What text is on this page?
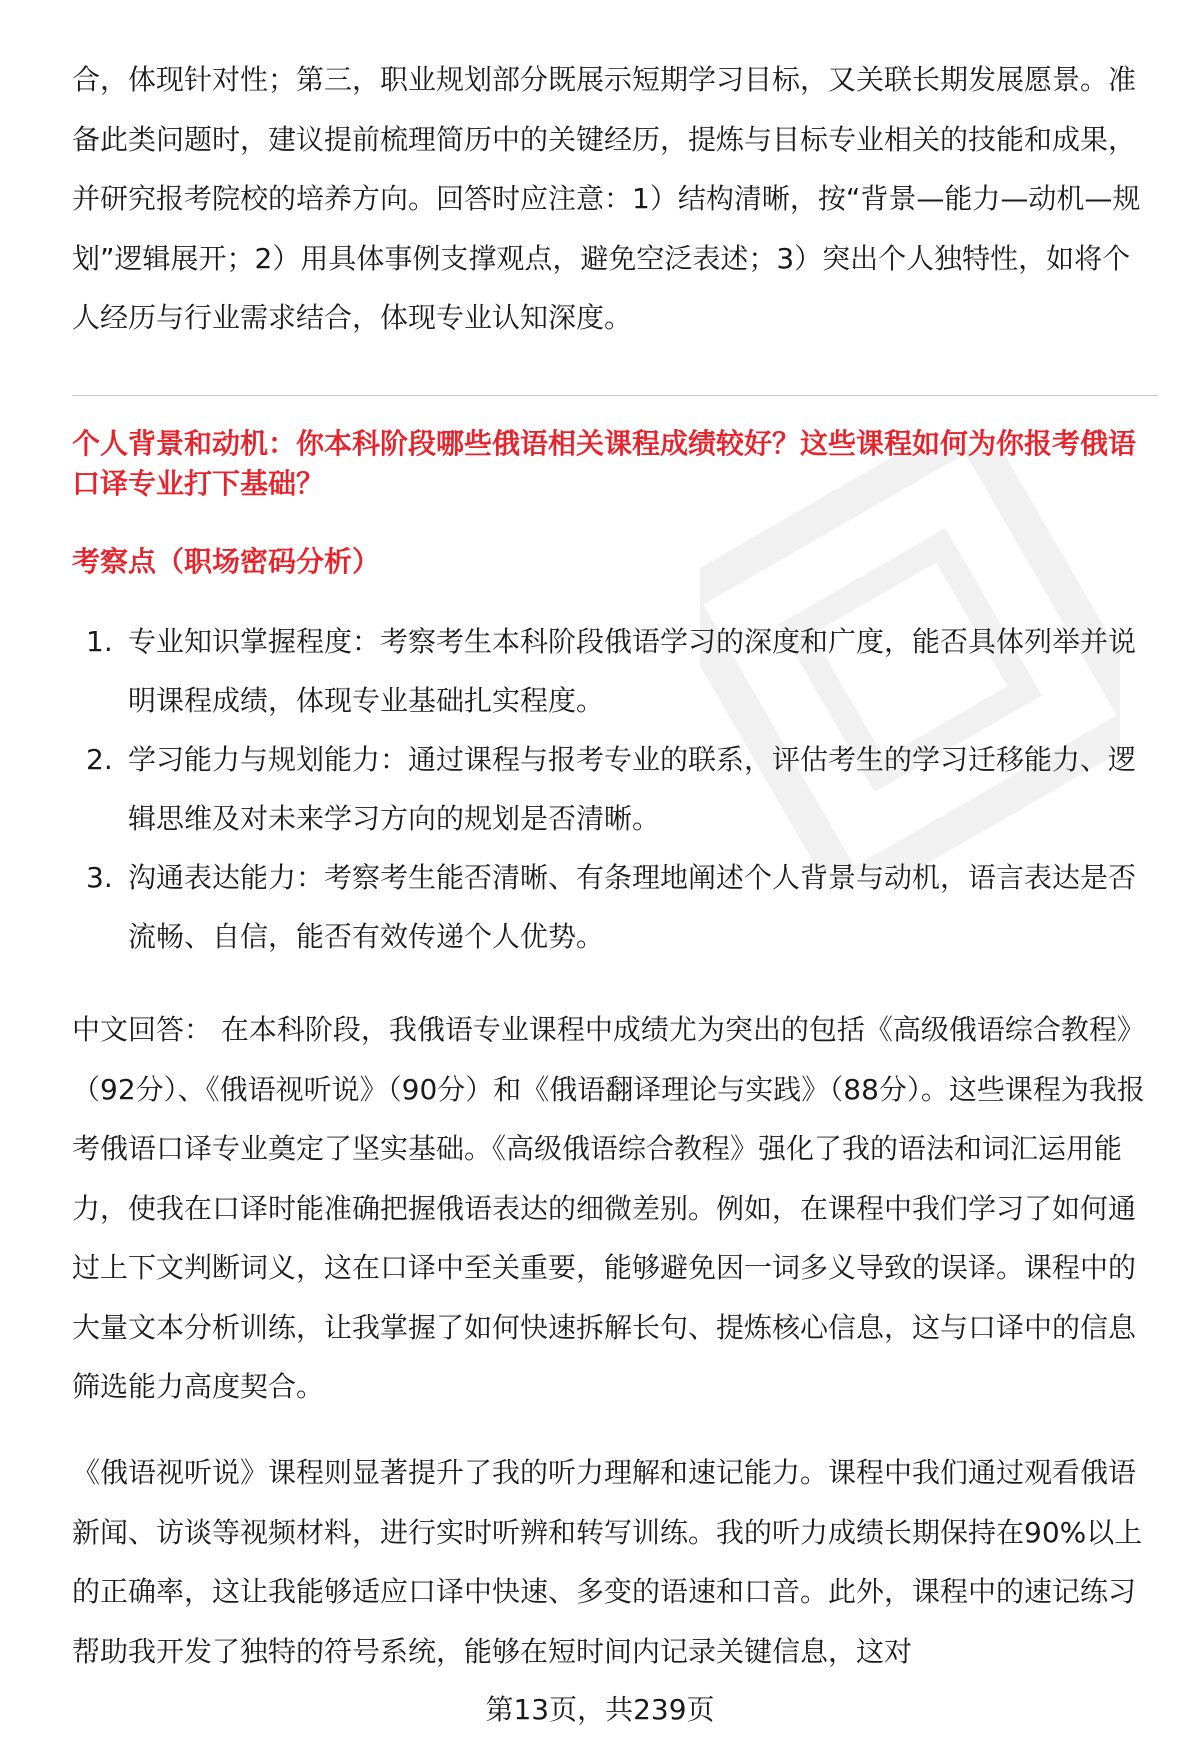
合，体现针对性；第三，职业规划部分既展示短期学习目标，又关联长期发展愿景。准备此类问题时，建议提前梳理简历中的关键经历，提炼与目标专业相关的技能和成果，并研究报考院校的培养方向。回答时应注意：1）结构清晰，按“背景—能力—动机—规划”逻辑展开；2）用具体事例支撑观点，避免空泛表述；3）突出个人独特性，如将个人经历与行业需求结合，体现专业认知深度。

个人背景和动机：你本科阶段哪些俄语相关课程成绩较好？这些课程如何为你报考俄语口译专业打下基础？

考察点（职场密码分析）

1. 专业知识掌握程度：考察考生本科阶段俄语学习的深度和广度，能否具体列举并说明课程成绩，体现专业基础扎实程度。
2. 学习能力与规划能力：通过课程与报考专业的联系，评估考生的学习迁移能力、逻辑思维及对未来学习方向的规划是否清晰。
3. 沟通表达能力：考察考生能否清晰、有条理地阐述个人背景与动机，语言表达是否流畅、自信，能否有效传递个人优势。

中文回答： 在本科阶段，我俄语专业课程中成绩尤为突出的包括《高级俄语综合教程》（92分）、《俄语视听说》（90分）和《俄语翻译理论与实践》（88分）。这些课程为我报考俄语口译专业奠定了坚实基础。《高级俄语综合教程》强化了我的语法和词汇运用能力，使我在口译时能准确把握俄语表达的细微差别。例如，在课程中我们学习了如何通过上下文判断词义，这在口译中至关重要，能够避免因一词多义导致的误译。课程中的大量文本分析训练，让我掌握了如何快速拆解长句、提炼核心信息，这与口译中的信息筛选能力高度契合。

《俄语视听说》课程则显著提升了我的听力理解和速记能力。课程中我们通过观看俄语新闻、访谈等视频材料，进行实时听辨和转写训练。我的听力成绩长期保持在90%以上的正确率，这让我能够适应口译中快速、多变的语速和口音。此外，课程中的速记练习帮助我开发了独特的符号系统，能够在短时间内记录关键信息，这对

第13页，共239页
